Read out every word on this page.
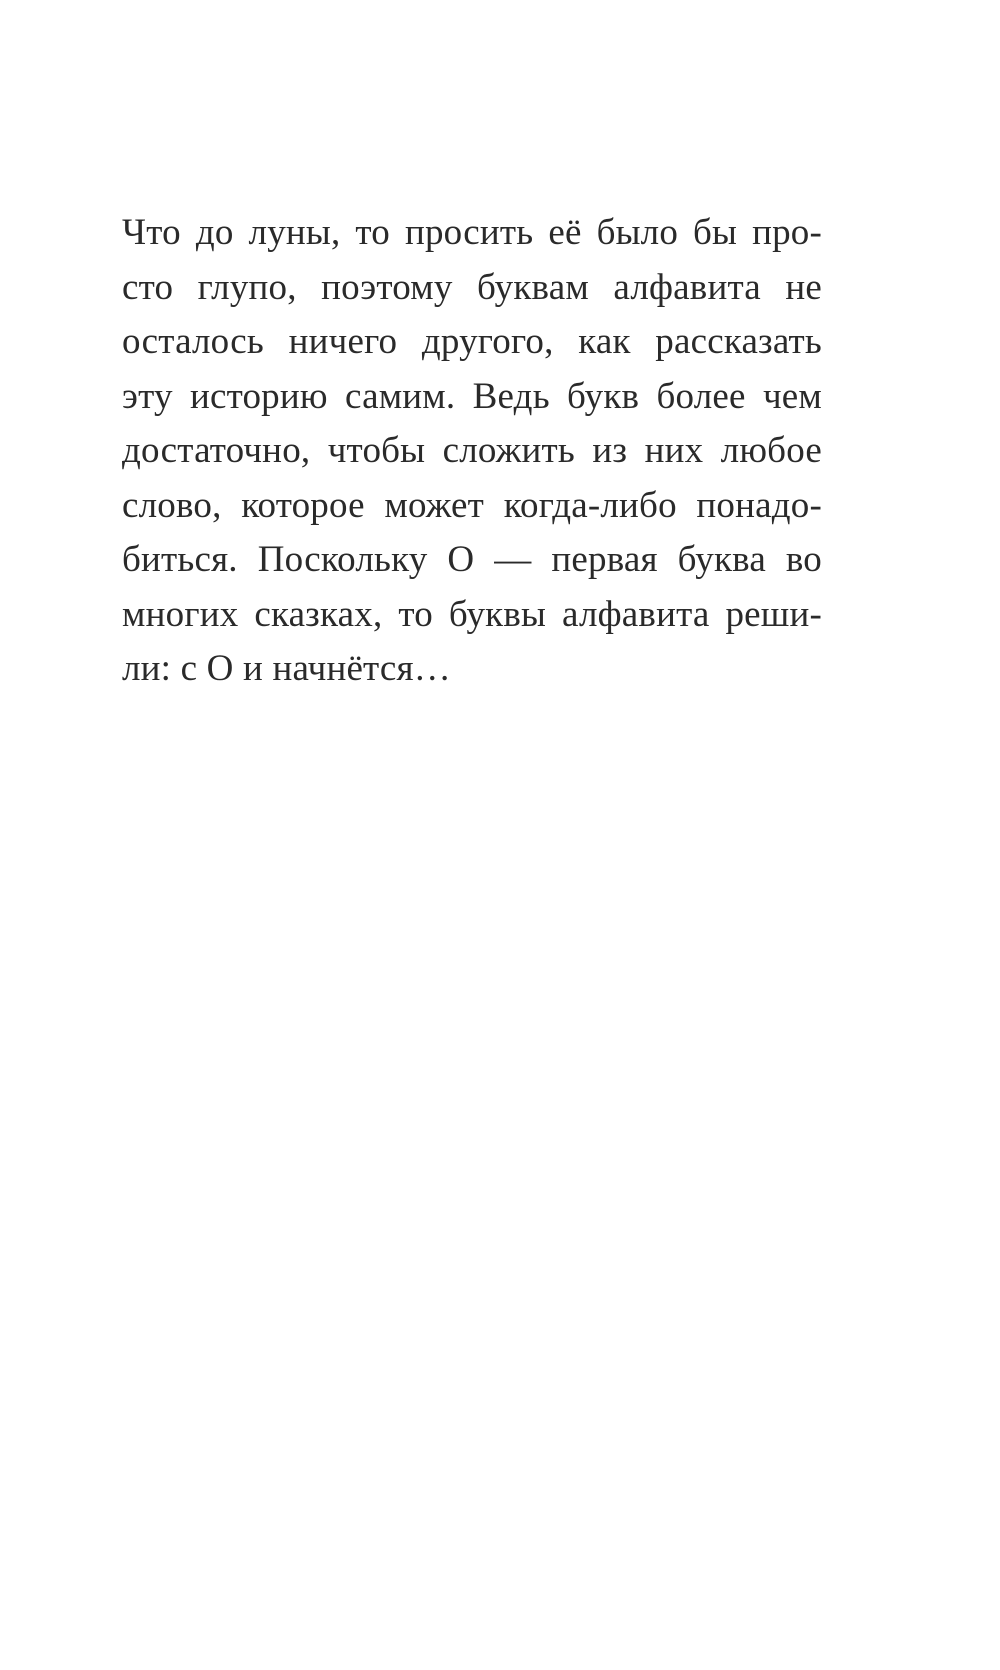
Что до луны, то просить её было бы про-
сто глупо, поэтому буквам алфавита не
осталось ничего другого, как рассказать
эту историю самим. Ведь букв более чем
достаточно, чтобы сложить из них любое
слово, которое может когда-либо понадо-
биться. Поскольку О — первая буква во
многих сказках, то буквы алфавита реши-
ли: с О и начнётся…
